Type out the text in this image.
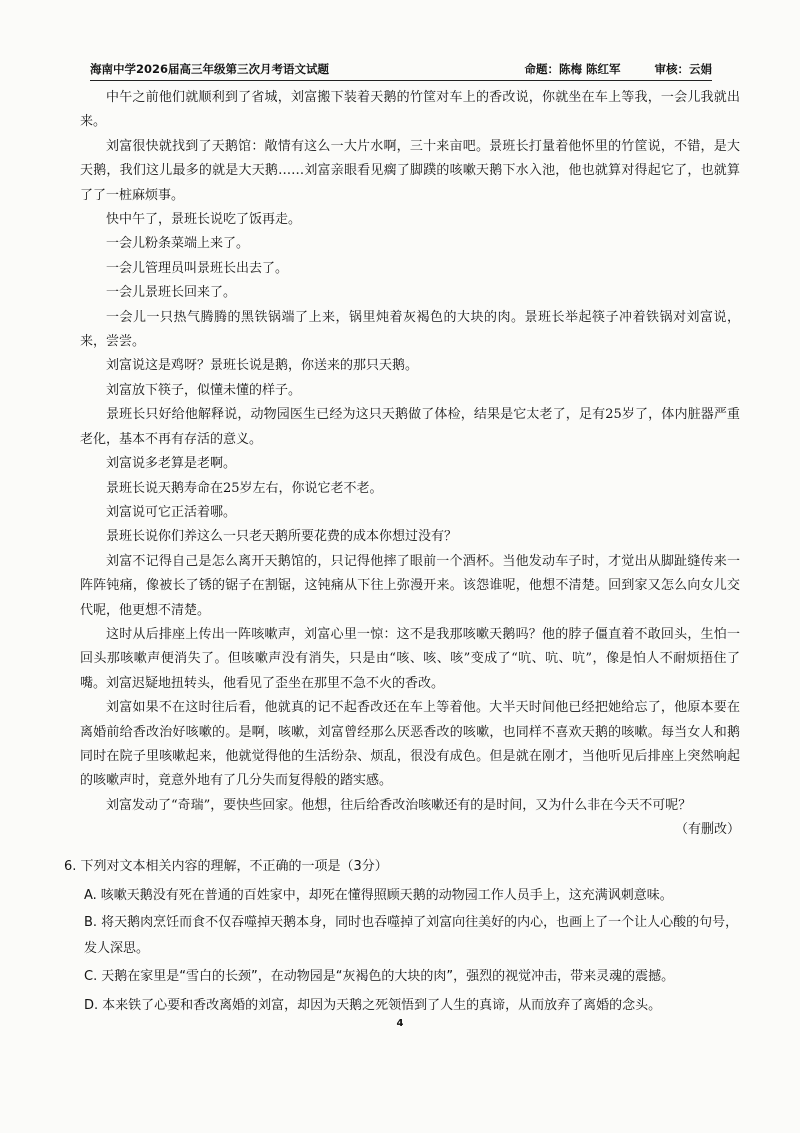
海南中学2026届高三年级第三次月考语文试题	命题：陈梅 陈红军	审核：云娟

中午之前他们就顺利到了省城，刘富搬下装着天鹅的竹筐对车上的香改说，你就坐在车上等我，一会儿我就出来。

刘富很快就找到了天鹅馆：敞情有这么一大片水啊，三十来亩吧。景班长打量着他怀里的竹筐说，不错，是大天鹅，我们这儿最多的就是大天鹅……刘富亲眼看见瘸了脚蹼的咳嗽天鹅下水入池，他也就算对得起它了，也就算了了一桩麻烦事。

快中午了，景班长说吃了饭再走。

一会儿粉条菜端上来了。

一会儿管理员叫景班长出去了。

一会儿景班长回来了。

一会儿一只热气腾腾的黑铁锅端了上来，锅里炖着灰褐色的大块的肉。景班长举起筷子冲着铁锅对刘富说，来，尝尝。

刘富说这是鸡呀？景班长说是鹅，你送来的那只天鹅。

刘富放下筷子，似懂未懂的样子。

景班长只好给他解释说，动物园医生已经为这只天鹅做了体检，结果是它太老了，足有25岁了，体内脏器严重老化，基本不再有存活的意义。

刘富说多老算是老啊。

景班长说天鹅寿命在25岁左右，你说它老不老。

刘富说可它正活着哪。

景班长说你们养这么一只老天鹅所要花费的成本你想过没有？

刘富不记得自己是怎么离开天鹅馆的，只记得他摔了眼前一个酒杯。当他发动车子时，才觉出从脚趾缝传来一阵阵钝痛，像被长了锈的锯子在割锯，这钝痛从下往上弥漫开来。该怨谁呢，他想不清楚。回到家又怎么向女儿交代呢，他更想不清楚。

这时从后排座上传出一阵咳嗽声，刘富心里一惊：这不是我那咳嗽天鹅吗？他的脖子僵直着不敢回头，生怕一回头那咳嗽声便消失了。但咳嗽声没有消失，只是由“咳、咳、咳”变成了“吭、吭、吭”，像是怕人不耐烦捂住了嘴。刘富迟疑地扭转头，他看见了歪坐在那里不急不火的香改。

刘富如果不在这时往后看，他就真的记不起香改还在车上等着他。大半天时间他已经把她给忘了，他原本要在离婚前给香改治好咳嗽的。是啊，咳嗽，刘富曾经那么厌恶香改的咳嗽，也同样不喜欢天鹅的咳嗽。每当女人和鹅同时在院子里咳嗽起来，他就觉得他的生活纷杂、烦乱，很没有成色。但是就在刚才，当他听见后排座上突然响起的咳嗽声时，竟意外地有了几分失而复得般的踏实感。

刘富发动了“奇瑞”，要快些回家。他想，往后给香改治咳嗽还有的是时间，又为什么非在今天不可呢？

（有删改）

6. 下列对文本相关内容的理解，不正确的一项是（3分）

A. 咳嗽天鹅没有死在普通的百姓家中，却死在懂得照顾天鹅的动物园工作人员手上，这充满讽刺意味。

B. 将天鹅肉烹饪而食不仅吞噬掉天鹅本身，同时也吞噬掉了刘富向往美好的内心，也画上了一个让人心酸的句号，发人深思。

C. 天鹅在家里是“雪白的长颈”，在动物园是“灰褐色的大块的肉”，强烈的视觉冲击，带来灵魂的震撼。

D. 本来铁了心要和香改离婚的刘富，却因为天鹅之死领悟到了人生的真谛，从而放弃了离婚的念头。

4
